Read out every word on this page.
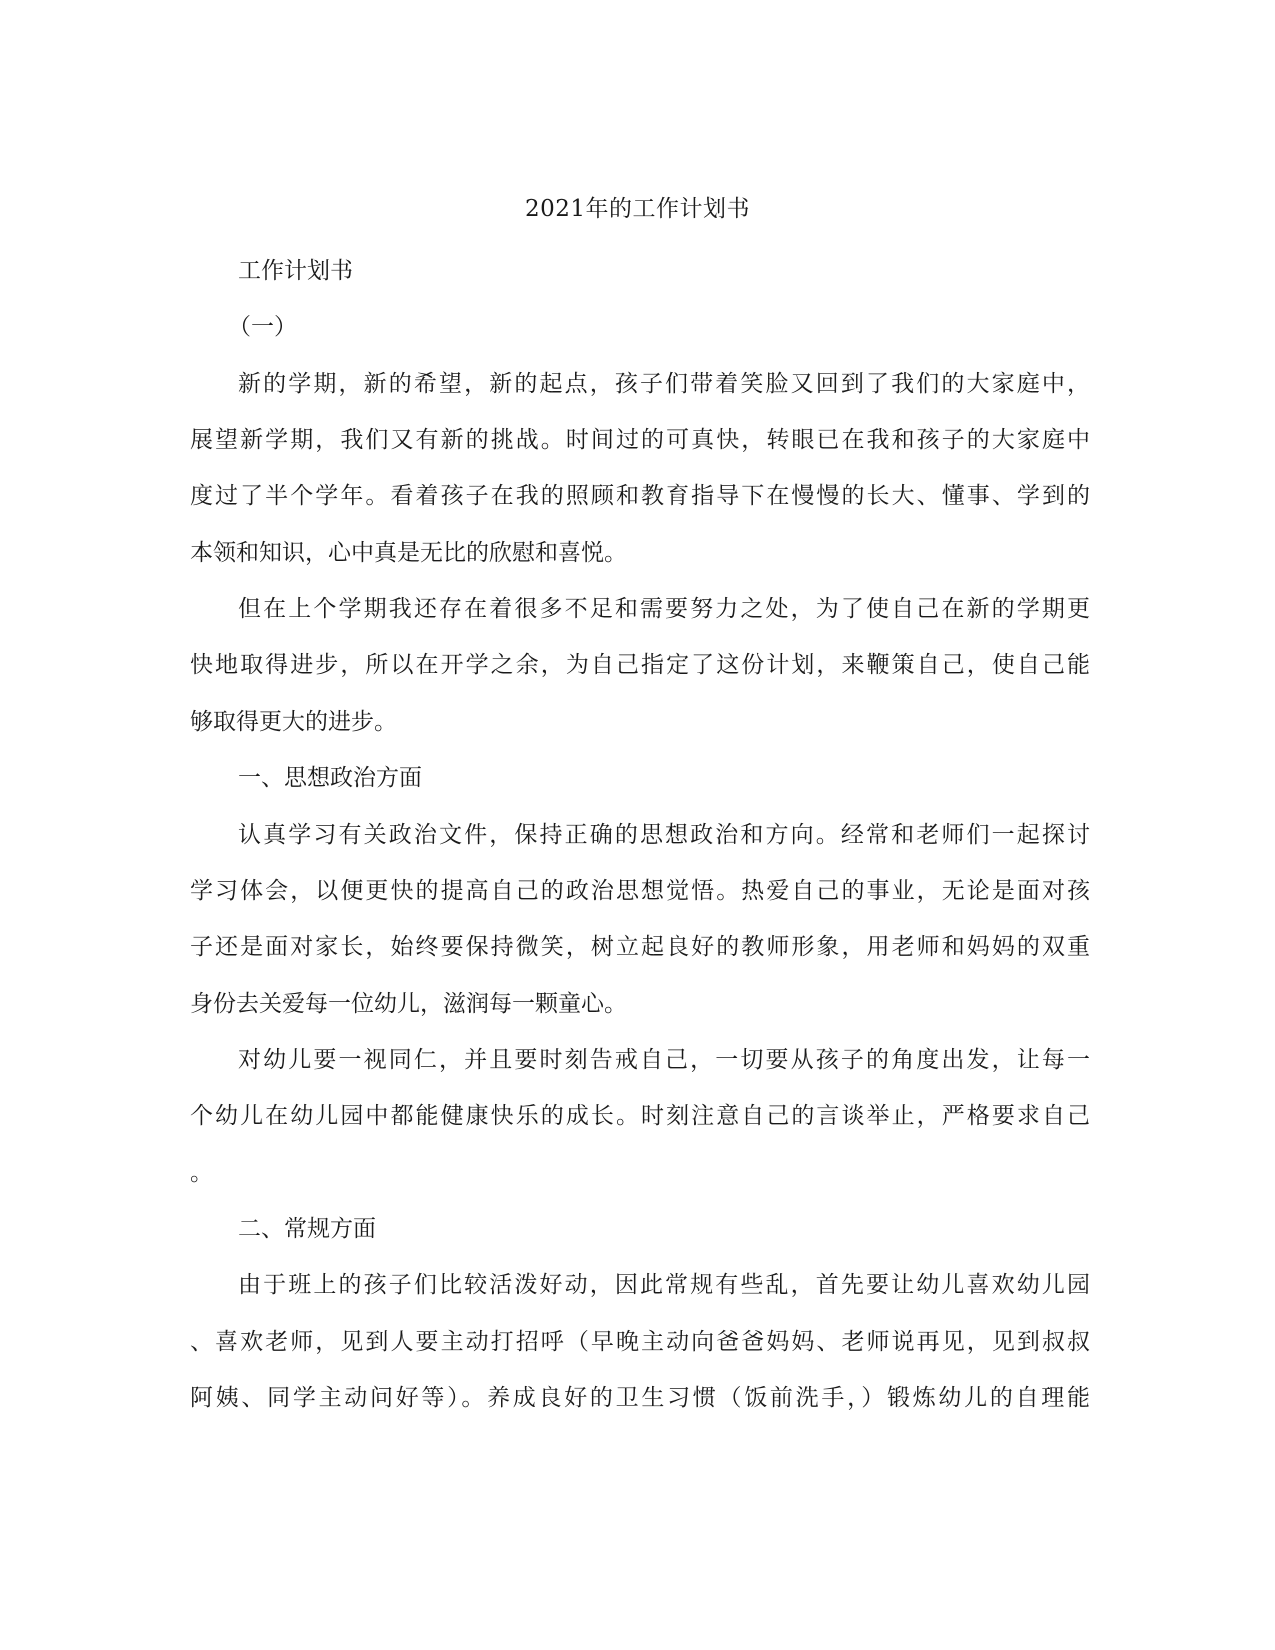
2021年的工作计划书
工作计划书
（一）
新的学期，新的希望，新的起点，孩子们带着笑脸又回到了我们的大家庭中，
展望新学期，我们又有新的挑战。时间过的可真快，转眼已在我和孩子的大家庭中
度过了半个学年。看着孩子在我的照顾和教育指导下在慢慢的长大、懂事、学到的
本领和知识，心中真是无比的欣慰和喜悦。
但在上个学期我还存在着很多不足和需要努力之处，为了使自己在新的学期更
快地取得进步，所以在开学之余，为自己指定了这份计划，来鞭策自己，使自己能
够取得更大的进步。
一、思想政治方面
认真学习有关政治文件，保持正确的思想政治和方向。经常和老师们一起探讨
学习体会，以便更快的提高自己的政治思想觉悟。热爱自己的事业，无论是面对孩
子还是面对家长，始终要保持微笑，树立起良好的教师形象，用老师和妈妈的双重
身份去关爱每一位幼儿，滋润每一颗童心。
对幼儿要一视同仁，并且要时刻告戒自己，一切要从孩子的角度出发，让每一
个幼儿在幼儿园中都能健康快乐的成长。时刻注意自己的言谈举止，严格要求自己
。
二、常规方面
由于班上的孩子们比较活泼好动，因此常规有些乱，首先要让幼儿喜欢幼儿园
、喜欢老师，见到人要主动打招呼（早晚主动向爸爸妈妈、老师说再见，见到叔叔
阿姨、同学主动问好等）。养成良好的卫生习惯（饭前洗手，）锻炼幼儿的自理能
